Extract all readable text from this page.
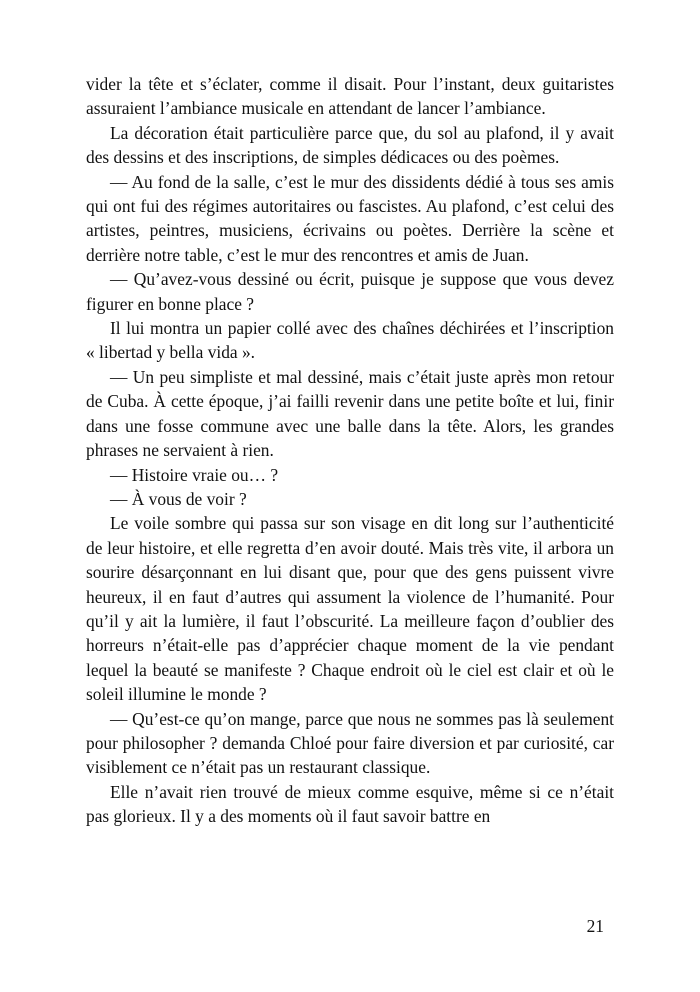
vider la tête et s’éclater, comme il disait. Pour l’instant, deux guitaristes assuraient l’ambiance musicale en attendant de lancer l’ambiance.

La décoration était particulière parce que, du sol au plafond, il y avait des dessins et des inscriptions, de simples dédicaces ou des poèmes.

— Au fond de la salle, c’est le mur des dissidents dédié à tous ses amis qui ont fui des régimes autoritaires ou fascistes. Au plafond, c’est celui des artistes, peintres, musiciens, écrivains ou poètes. Derrière la scène et derrière notre table, c’est le mur des rencontres et amis de Juan.

— Qu’avez-vous dessiné ou écrit, puisque je suppose que vous devez figurer en bonne place ?

Il lui montra un papier collé avec des chaînes déchirées et l’inscription « libertad y bella vida ».

— Un peu simpliste et mal dessiné, mais c’était juste après mon retour de Cuba. À cette époque, j’ai failli revenir dans une petite boîte et lui, finir dans une fosse commune avec une balle dans la tête. Alors, les grandes phrases ne servaient à rien.

— Histoire vraie ou… ?

— À vous de voir ?

Le voile sombre qui passa sur son visage en dit long sur l’authenticité de leur histoire, et elle regretta d’en avoir douté. Mais très vite, il arbora un sourire désarçonnant en lui disant que, pour que des gens puissent vivre heureux, il en faut d’autres qui assument la violence de l’humanité. Pour qu’il y ait la lumière, il faut l’obscurité. La meilleure façon d’oublier des horreurs n’était-elle pas d’apprécier chaque moment de la vie pendant lequel la beauté se manifeste ? Chaque endroit où le ciel est clair et où le soleil illumine le monde ?

— Qu’est-ce qu’on mange, parce que nous ne sommes pas là seulement pour philosopher ? demanda Chloé pour faire diversion et par curiosité, car visiblement ce n’était pas un restaurant classique.

Elle n’avait rien trouvé de mieux comme esquive, même si ce n’était pas glorieux. Il y a des moments où il faut savoir battre en

21
